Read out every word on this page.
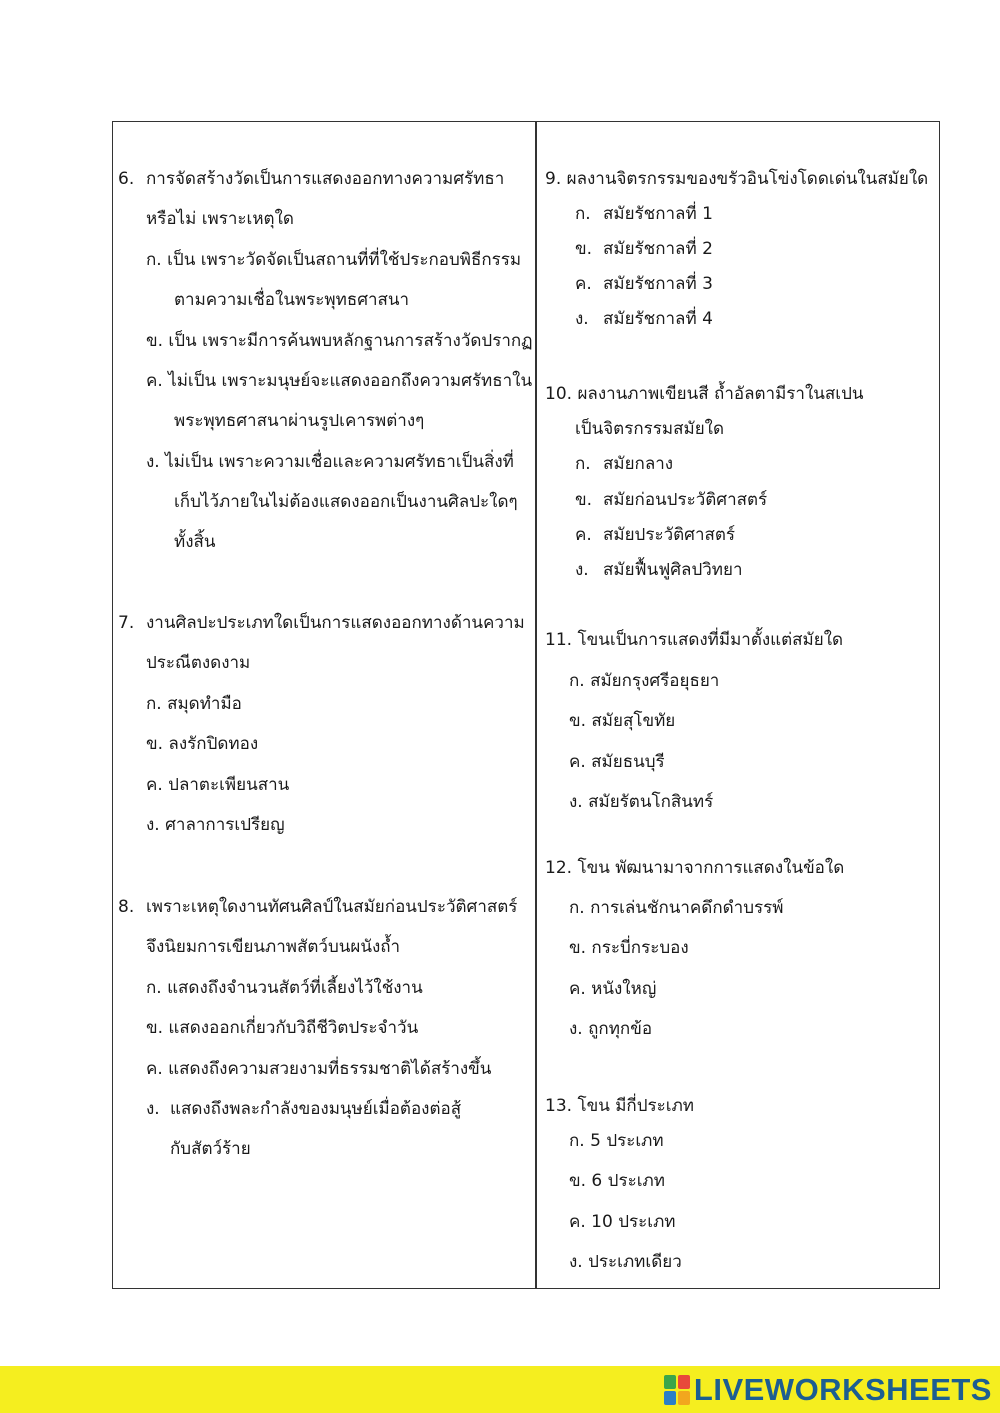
6. การจัดสร้างวัดเป็นการแสดงออกทางความศรัทธา
หรือไม่ เพราะเหตุใด
ก. เป็น เพราะวัดจัดเป็นสถานที่ที่ใช้ประกอบพิธีกรรม
ตามความเชื่อในพระพุทธศาสนา
ข. เป็น เพราะมีการค้นพบหลักฐานการสร้างวัดปรากฏ
ค. ไม่เป็น เพราะมนุษย์จะแสดงออกถึงความศรัทธาใน
พระพุทธศาสนาผ่านรูปเคารพต่างๆ
ง. ไม่เป็น เพราะความเชื่อและความศรัทธาเป็นสิ่งที่
เก็บไว้ภายในไม่ต้องแสดงออกเป็นงานศิลปะใดๆ
ทั้งสิ้น
7. งานศิลปะประเภทใดเป็นการแสดงออกทางด้านความ
ประณีตงดงาม
ก. สมุดทำมือ
ข. ลงรักปิดทอง
ค. ปลาตะเพียนสาน
ง. ศาลาการเปรียญ
8. เพราะเหตุใดงานทัศนศิลป์ในสมัยก่อนประวัติศาสตร์
จึงนิยมการเขียนภาพสัตว์บนผนังถ้ำ
ก. แสดงถึงจำนวนสัตว์ที่เลี้ยงไว้ใช้งาน
ข. แสดงออกเกี่ยวกับวิถีชีวิตประจำวัน
ค. แสดงถึงความสวยงามที่ธรรมชาติได้สร้างขึ้น
ง. แสดงถึงพละกำลังของมนุษย์เมื่อต้องต่อสู้
กับสัตว์ร้าย
9. ผลงานจิตรกรรมของขรัวอินโข่งโดดเด่นในสมัยใด
ก. สมัยรัชกาลที่ 1
ข. สมัยรัชกาลที่ 2
ค. สมัยรัชกาลที่ 3
ง. สมัยรัชกาลที่ 4
10. ผลงานภาพเขียนสี ถ้ำอัลตามีราในสเปน
เป็นจิตรกรรมสมัยใด
ก. สมัยกลาง
ข. สมัยก่อนประวัติศาสตร์
ค. สมัยประวัติศาสตร์
ง. สมัยฟื้นฟูศิลปวิทยา
11. โขนเป็นการแสดงที่มีมาตั้งแต่สมัยใด
ก. สมัยกรุงศรีอยุธยา
ข. สมัยสุโขทัย
ค. สมัยธนบุรี
ง. สมัยรัตนโกสินทร์
12. โขน พัฒนามาจากการแสดงในข้อใด
ก. การเล่นชักนาคดึกดำบรรพ์
ข. กระบี่กระบอง
ค. หนังใหญ่
ง. ถูกทุกข้อ
13. โขน มีกี่ประเภท
ก. 5 ประเภท
ข. 6 ประเภท
ค. 10 ประเภท
ง. ประเภทเดียว
LIVEWORKSHEETS
